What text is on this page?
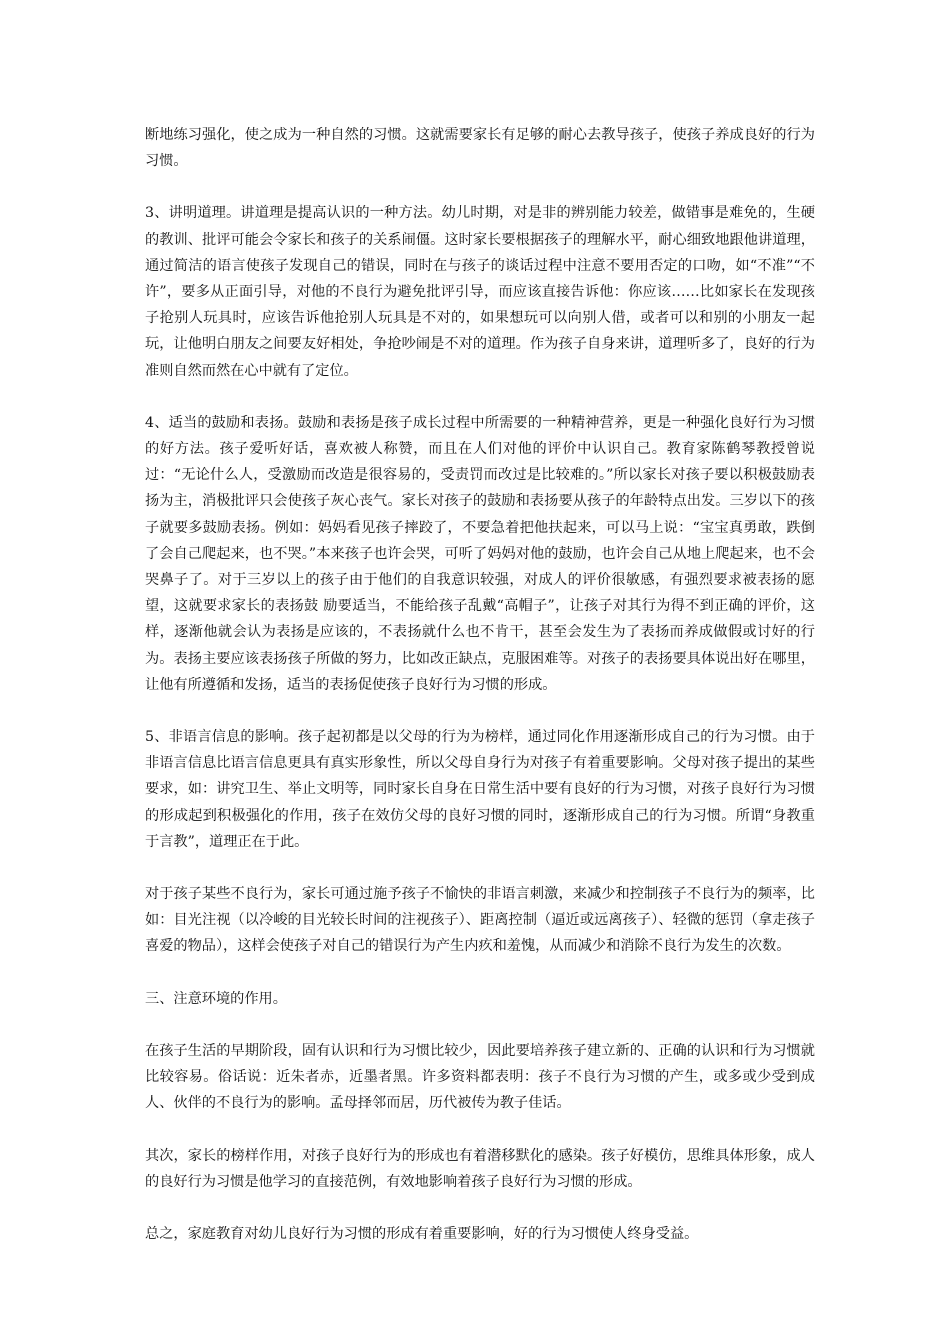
断地练习强化，使之成为一种自然的习惯。这就需要家长有足够的耐心去教导孩子，使孩子养成良好的行为习惯。

3、讲明道理。讲道理是提高认识的一种方法。幼儿时期，对是非的辨别能力较差，做错事是难免的，生硬的教训、批评可能会令家长和孩子的关系闹僵。这时家长要根据孩子的理解水平，耐心细致地跟他讲道理，通过简洁的语言使孩子发现自己的错误，同时在与孩子的谈话过程中注意不要用否定的口吻，如“不准”“不许”，要多从正面引导，对他的不良行为避免批评引导，而应该直接告诉他：你应该……比如家长在发现孩子抢别人玩具时，应该告诉他抢别人玩具是不对的，如果想玩可以向别人借，或者可以和别的小朋友一起玩，让他明白朋友之间要友好相处，争抢吵闹是不对的道理。作为孩子自身来讲，道理听多了，良好的行为准则自然而然在心中就有了定位。

4、适当的鼓励和表扬。鼓励和表扬是孩子成长过程中所需要的一种精神营养，更是一种强化良好行为习惯的好方法。孩子爱听好话，喜欢被人称赞，而且在人们对他的评价中认识自己。教育家陈鹤琴教授曾说过：“无论什么人，受激励而改造是很容易的，受责罚而改过是比较难的。”所以家长对孩子要以积极鼓励表扬为主，消极批评只会使孩子灰心丧气。家长对孩子的鼓励和表扬要从孩子的年龄特点出发。三岁以下的孩子就要多鼓励表扬。例如：妈妈看见孩子摔跤了，不要急着把他扶起来，可以马上说：“宝宝真勇敢，跌倒了会自己爬起来，也不哭。”本来孩子也许会哭，可听了妈妈对他的鼓励，也许会自己从地上爬起来，也不会哭鼻子了。对于三岁以上的孩子由于他们的自我意识较强，对成人的评价很敏感，有强烈要求被表扬的愿望，这就要求家长的表扬鼓 励要适当，不能给孩子乱戴“高帽子”，让孩子对其行为得不到正确的评价，这样，逐渐他就会认为表扬是应该的，不表扬就什么也不肯干，甚至会发生为了表扬而养成做假或讨好的行为。表扬主要应该表扬孩子所做的努力，比如改正缺点，克服困难等。对孩子的表扬要具体说出好在哪里，让他有所遵循和发扬，适当的表扬促使孩子良好行为习惯的形成。

5、非语言信息的影响。孩子起初都是以父母的行为为榜样，通过同化作用逐渐形成自己的行为习惯。由于非语言信息比语言信息更具有真实形象性，所以父母自身行为对孩子有着重要影响。父母对孩子提出的某些要求，如：讲究卫生、举止文明等，同时家长自身在日常生活中要有良好的行为习惯，对孩子良好行为习惯的形成起到积极强化的作用，孩子在效仿父母的良好习惯的同时，逐渐形成自己的行为习惯。所谓“身教重于言教”，道理正在于此。

对于孩子某些不良行为，家长可通过施予孩子不愉快的非语言刺激，来减少和控制孩子不良行为的频率，比如：目光注视（以冷峻的目光较长时间的注视孩子）、距离控制（逼近或远离孩子）、轻微的惩罚（拿走孩子喜爱的物品），这样会使孩子对自己的错误行为产生内疚和羞愧，从而减少和消除不良行为发生的次数。

三、注意环境的作用。

在孩子生活的早期阶段，固有认识和行为习惯比较少，因此要培养孩子建立新的、正确的认识和行为习惯就比较容易。俗话说：近朱者赤，近墨者黑。许多资料都表明：孩子不良行为习惯的产生，或多或少受到成人、伙伴的不良行为的影响。孟母择邻而居，历代被传为教子佳话。

其次，家长的榜样作用，对孩子良好行为的形成也有着潜移默化的感染。孩子好模仿，思维具体形象，成人的良好行为习惯是他学习的直接范例，有效地影响着孩子良好行为习惯的形成。

总之，家庭教育对幼儿良好行为习惯的形成有着重要影响，好的行为习惯使人终身受益。
